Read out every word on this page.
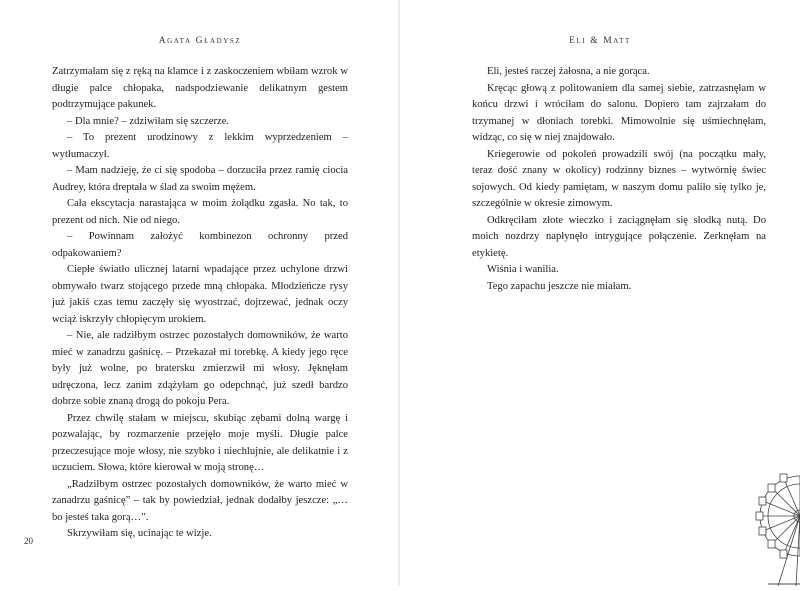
Agata Gładysz

Zatrzymałam się z ręką na klamce i z zaskoczeniem wbiłam wzrok w długie palce chłopaka, nadspodziewanie delikatnym gestem podtrzymujące pakunek.

– Dla mnie? – zdziwiłam się szczerze.

– To prezent urodzinowy z lekkim wyprzedzeniem – wytłumaczył.

– Mam nadzieję, że ci się spodoba – dorzuciła przez ramię ciocia Audrey, która dreptała w ślad za swoim mężem.

Cała ekscytacja narastająca w moim żołądku zgasła. No tak, to prezent od nich. Nie od niego.

– Powinnam założyć kombinezon ochronny przed odpakowaniem?

Ciepłe światło ulicznej latarni wpadające przez uchylone drzwi obmywało twarz stojącego przede mną chłopaka. Młodzieńcze rysy już jakiś czas temu zaczęły się wyostrzać, dojrzewać, jednak oczy wciąż iskrzyły chłopięcym urokiem.

– Nie, ale radziłbym ostrzec pozostałych domowników, że warto mieć w zanadrzu gaśnicę. – Przekazał mi torebkę. A kiedy jego ręce były już wolne, po bratersku zmierzwił mi włosy. Jęknęłam udręczona, lecz zanim zdążyłam go odepchnąć, już szedł bardzo dobrze sobie znaną drogą do pokoju Pera.

Przez chwilę stałam w miejscu, skubiąc zębami dolną wargę i pozwalając, by rozmarzenie przejęło moje myśli. Długie palce przeczesujące moje włosy, nie szybko i niechlujnie, ale delikatnie i z uczuciem. Słowa, które kierował w moją stronę…

„Radziłbym ostrzec pozostałych domowników, że warto mieć w zanadrzu gaśnicę” – tak by powiedział, jednak dodałby jeszcze: „…bo jesteś taka gorą…”.

Skrzywiłam się, ucinając te wizje.

20
Eli & Matt

Eli, jesteś raczej żałosna, a nie gorąca.

Kręcąc głową z politowaniem dla samej siebie, zatrzasnęłam w końcu drzwi i wróciłam do salonu. Dopiero tam zajrzałam do trzymanej w dłoniach torebki. Mimowolnie się uśmiechnęłam, widząc, co się w niej znajdowało.

Kriegerowie od pokoleń prowadzili swój (na początku mały, teraz dość znany w okolicy) rodzinny biznes – wytwórnię świec sojowych. Od kiedy pamiętam, w naszym domu paliło się tylko je, szczególnie w okresie zimowym.

Odkręciłam złote wieczko i zaciągnęłam się słodką nutą. Do moich nozdrzy napłynęło intrygujące połączenie. Zerknęłam na etykietę.

Wiśnia i wanilia.

Tego zapachu jeszcze nie miałam.
